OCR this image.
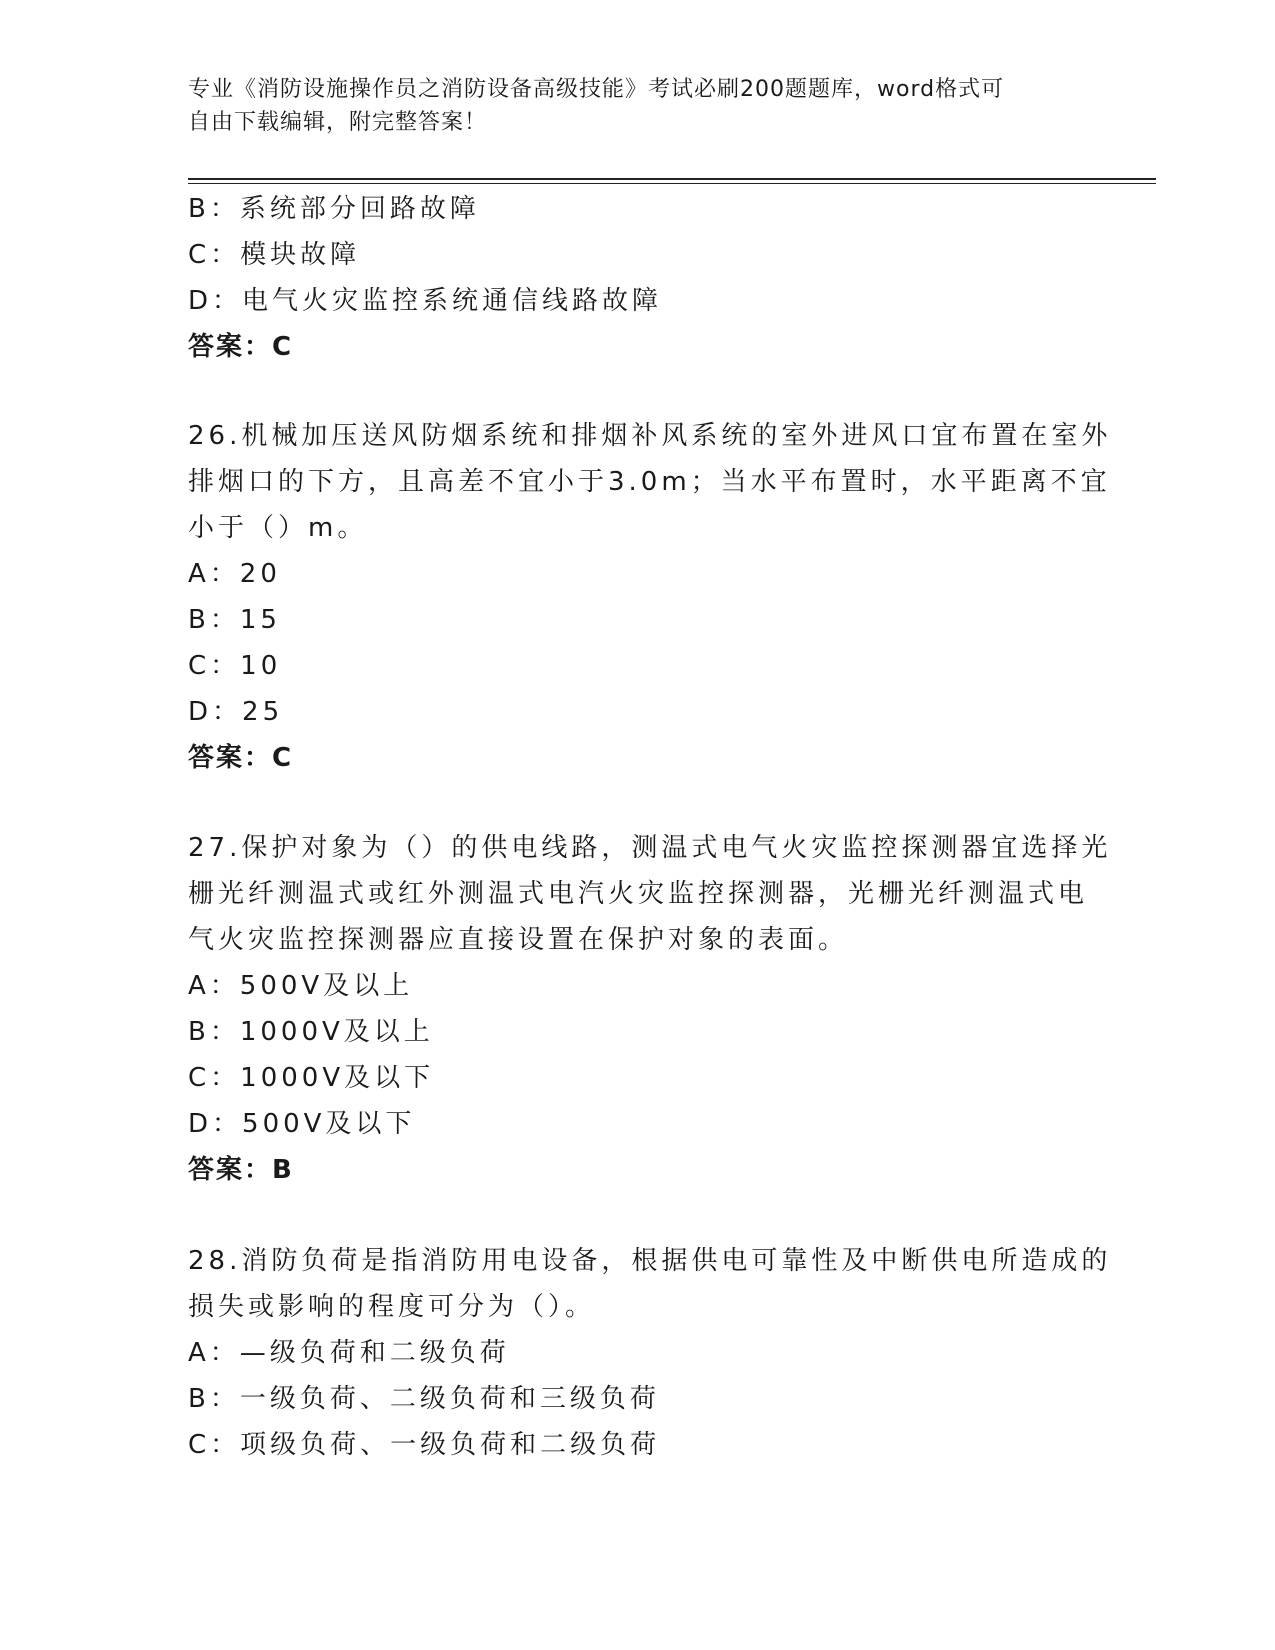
专业《消防设施操作员之消防设备高级技能》考试必刷200题题库，word格式可
自由下载编辑，附完整答案！
B：系统部分回路故障
C：模块故障
D：电气火灾监控系统通信线路故障
答案：C
26.机械加压送风防烟系统和排烟补风系统的室外进风口宜布置在室外
排烟口的下方，且高差不宜小于3.0m；当水平布置时，水平距离不宜
小于（）m。
A：20
B：15
C：10
D：25
答案：C
27.保护对象为（）的供电线路，测温式电气火灾监控探测器宜选择光
栅光纤测温式或红外测温式电汽火灾监控探测器，光栅光纤测温式电
气火灾监控探测器应直接设置在保护对象的表面。
A：500V及以上
B：1000V及以上
C：1000V及以下
D：500V及以下
答案：B
28.消防负荷是指消防用电设备，根据供电可靠性及中断供电所造成的
损失或影响的程度可分为（）。
A：—级负荷和二级负荷
B：一级负荷、二级负荷和三级负荷
C：项级负荷、一级负荷和二级负荷
